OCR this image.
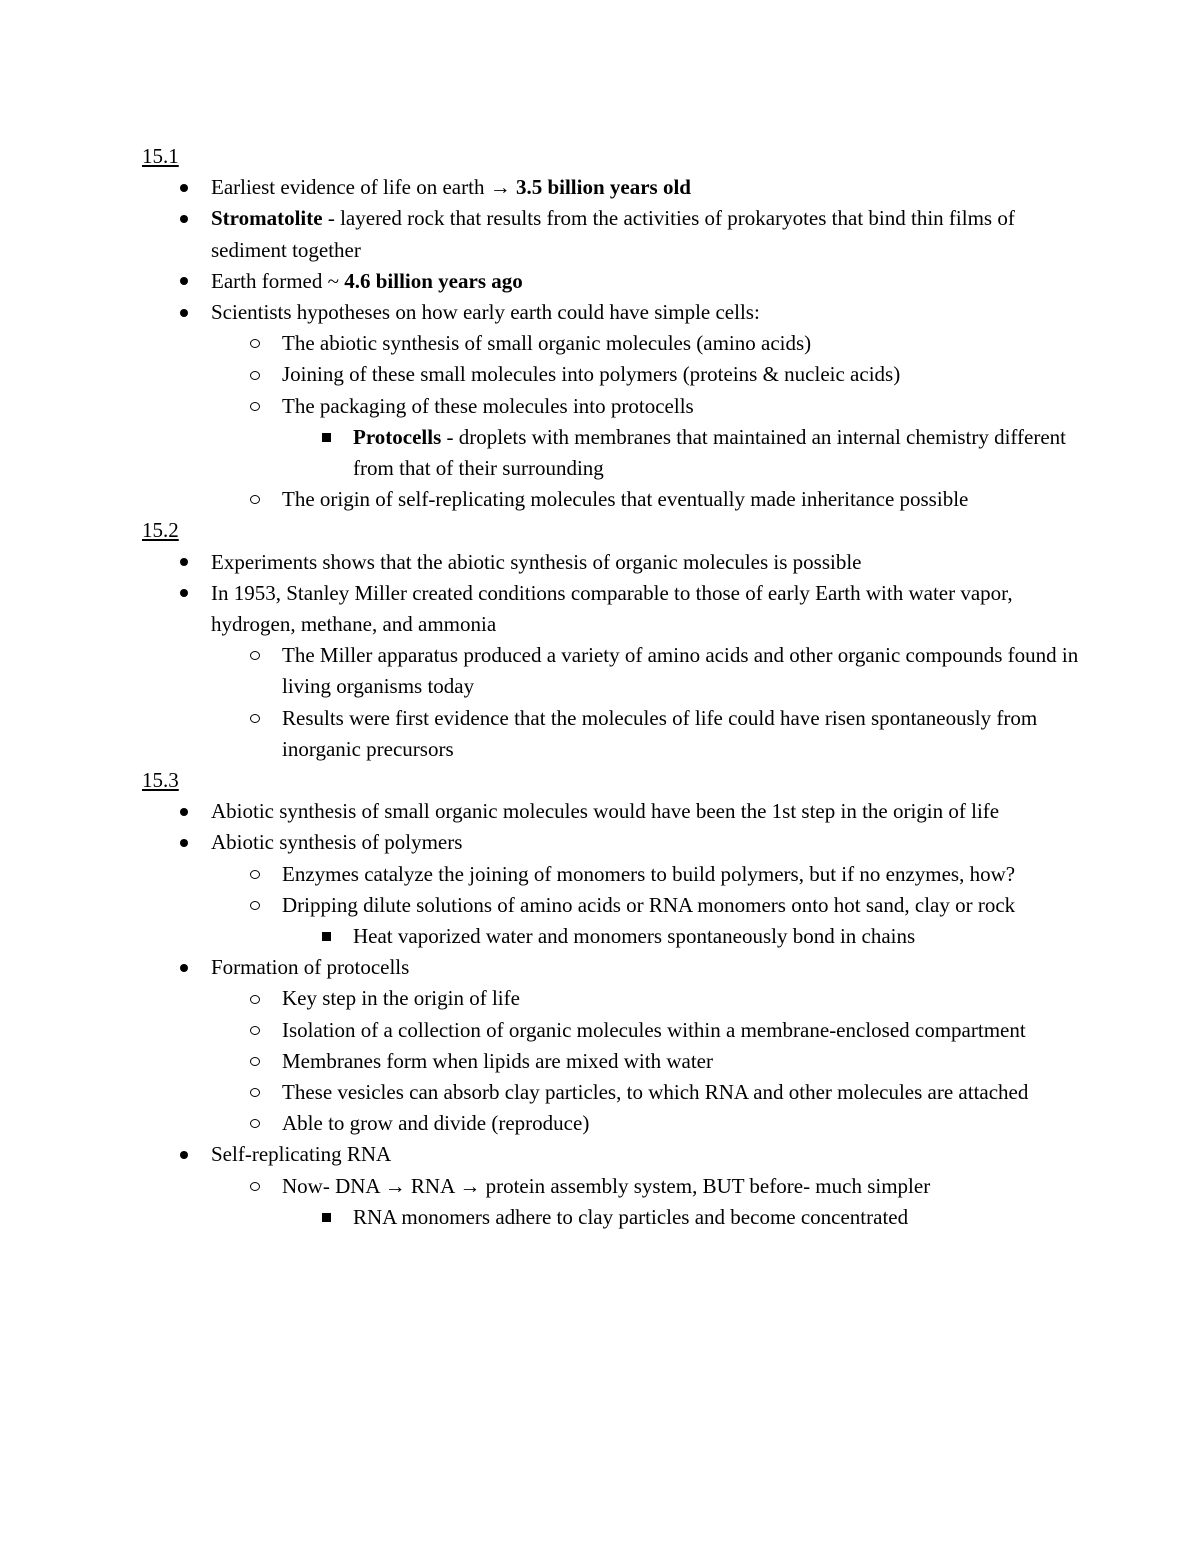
15.1

Earliest evidence of life on earth → 3.5 billion years old
Stromatolite - layered rock that results from the activities of prokaryotes that bind thin films of sediment together
Earth formed ~ 4.6 billion years ago
Scientists hypotheses on how early earth could have simple cells:
The abiotic synthesis of small organic molecules (amino acids)
Joining of these small molecules into polymers (proteins & nucleic acids)
The packaging of these molecules into protocells
Protocells - droplets with membranes that maintained an internal chemistry different from that of their surrounding
The origin of self-replicating molecules that eventually made inheritance possible

15.2

Experiments shows that the abiotic synthesis of organic molecules is possible
In 1953, Stanley Miller created conditions comparable to those of early Earth with water vapor, hydrogen, methane, and ammonia
The Miller apparatus produced a variety of amino acids and other organic compounds found in living organisms today
Results were first evidence that the molecules of life could have risen spontaneously from inorganic precursors

15.3

Abiotic synthesis of small organic molecules would have been the 1st step in the origin of life
Abiotic synthesis of polymers
Enzymes catalyze the joining of monomers to build polymers, but if no enzymes, how?
Dripping dilute solutions of amino acids or RNA monomers onto hot sand, clay or rock
Heat vaporized water and monomers spontaneously bond in chains
Formation of protocells
Key step in the origin of life
Isolation of a collection of organic molecules within a membrane-enclosed compartment
Membranes form when lipids are mixed with water
These vesicles can absorb clay particles, to which RNA and other molecules are attached
Able to grow and divide (reproduce)
Self-replicating RNA
Now- DNA → RNA → protein assembly system, BUT before- much simpler
RNA monomers adhere to clay particles and become concentrated
